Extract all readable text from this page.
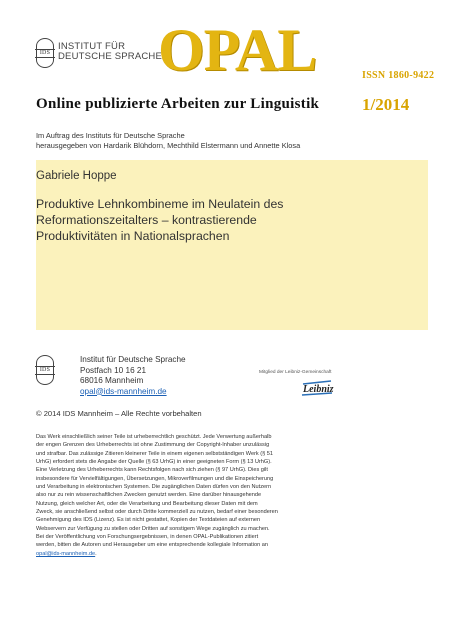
IDS
INSTITUT FÜR
DEUTSCHE SPRACHE
OPAL	ISSN 1860-9422
Online publizierte Arbeiten zur Linguistik	1/2014
Im Auftrag des Instituts für Deutsche Sprache
herausgegeben von Hardarik Blühdorn, Mechthild Elstermann und Annette Klosa
Gabriele Hoppe
Produktive Lehnkombineme im Neulatein des
Reformationszeitalters – kontrastierende
Produktivitäten in Nationalsprachen
IDS
Institut für Deutsche Sprache
Postfach 10 16 21
68016 Mannheim
opal@ids-mannheim.de
Mitglied der Leibniz-Gemeinschaft
Leibniz
© 2014 IDS Mannheim – Alle Rechte vorbehalten
Das Werk einschließlich seiner Teile ist urheberrechtlich geschützt. Jede Verwertung außerhalb
der engen Grenzen des Urheberrechts ist ohne Zustimmung der Copyright-Inhaber unzulässig
und strafbar. Das zulässige Zitieren kleinerer Teile in einem eigenen selbstständigen Werk (§ 51
UrhG) erfordert stets die Angabe der Quelle (§ 63 UrhG) in einer geeigneten Form (§ 13 UrhG).
Eine Verletzung des Urheberrechts kann Rechtsfolgen nach sich ziehen (§ 97 UrhG). Dies gilt
insbesondere für Vervielfältigungen, Übersetzungen, Mikroverfilmungen und die Einspeicherung
und Verarbeitung in elektronischen Systemen. Die zugänglichen Daten dürfen von den Nutzern
also nur zu rein wissenschaftlichen Zwecken genutzt werden. Eine darüber hinausgehende
Nutzung, gleich welcher Art, oder die Verarbeitung und Bearbeitung dieser Daten mit dem
Zweck, sie anschließend selbst oder durch Dritte kommerziell zu nutzen, bedarf einer besonderen
Genehmigung des IDS (Lizenz). Es ist nicht gestattet, Kopien der Textdateien auf externen
Webservern zur Verfügung zu stellen oder Dritten auf sonstigem Wege zugänglich zu machen.
Bei der Veröffentlichung von Forschungsergebnissen, in denen OPAL-Publikationen zitiert
werden, bitten die Autoren und Herausgeber um eine entsprechende kollegiale Information an
opal@ids-mannheim.de.
